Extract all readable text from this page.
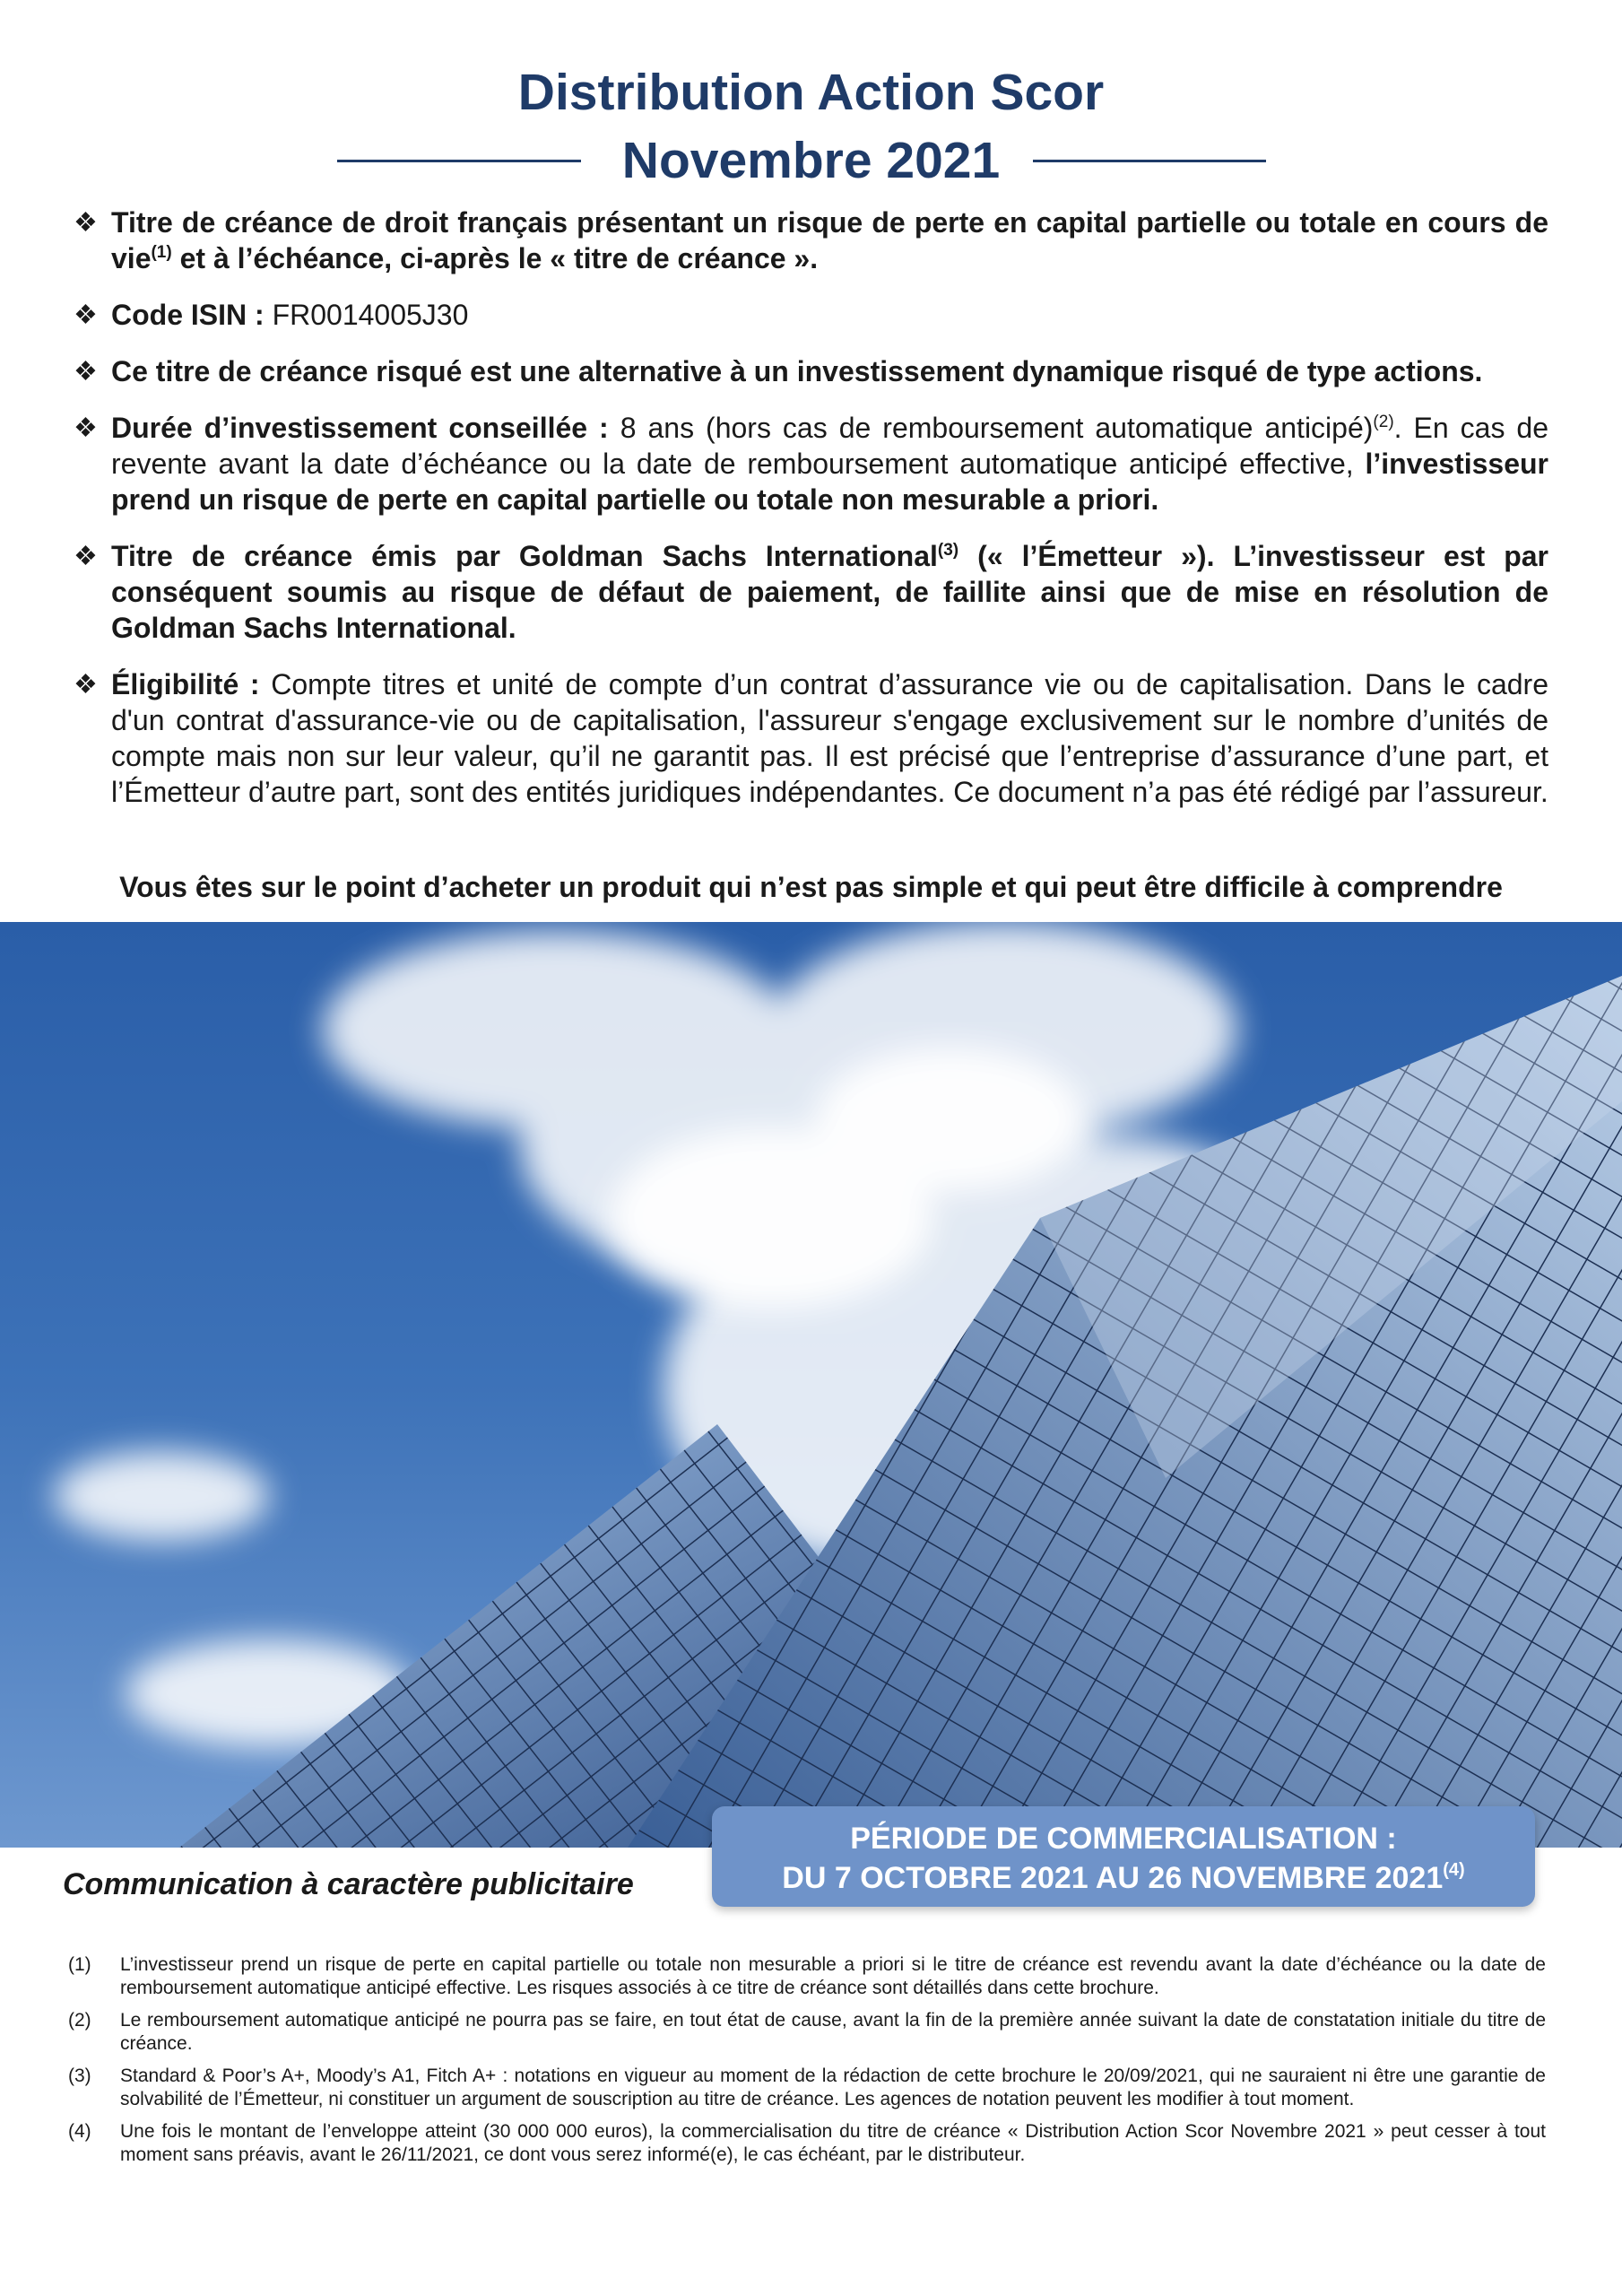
Distribution Action Scor
Novembre 2021
❖ Titre de créance de droit français présentant un risque de perte en capital partielle ou totale en cours de vie$^{(1)}$ et à l’échéance, ci-après le « titre de créance ».
❖ Code ISIN : FR0014005J30
❖ Ce titre de créance risqué est une alternative à un investissement dynamique risqué de type actions.
❖ Durée d’investissement conseillée : 8 ans (hors cas de remboursement automatique anticipé)$^{(2)}$. En cas de revente avant la date d’échéance ou la date de remboursement automatique anticipé effective, l’investisseur prend un risque de perte en capital partielle ou totale non mesurable a priori.
❖ Titre de créance émis par Goldman Sachs International$^{(3)}$ (« l’Émetteur »). L’investisseur est par conséquent soumis au risque de défaut de paiement, de faillite ainsi que de mise en résolution de Goldman Sachs International.
❖ Éligibilité : Compte titres et unité de compte d’un contrat d’assurance vie ou de capitalisation. Dans le cadre d'un contrat d'assurance-vie ou de capitalisation, l'assureur s'engage exclusivement sur le nombre d’unités de compte mais non sur leur valeur, qu’il ne garantit pas. Il est précisé que l’entreprise d’assurance d’une part, et l’Émetteur d’autre part, sont des entités juridiques indépendantes. Ce document n’a pas été rédigé par l’assureur.
Vous êtes sur le point d’acheter un produit qui n’est pas simple et qui peut être difficile à comprendre
Communication à caractère publicitaire
PÉRIODE DE COMMERCIALISATION :
DU 7 OCTOBRE 2021 AU 26 NOVEMBRE 2021$^{(4)}$
(1) L’investisseur prend un risque de perte en capital partielle ou totale non mesurable a priori si le titre de créance est revendu avant la date d’échéance ou la date de remboursement automatique anticipé effective. Les risques associés à ce titre de créance sont détaillés dans cette brochure.
(2) Le remboursement automatique anticipé ne pourra pas se faire, en tout état de cause, avant la fin de la première année suivant la date de constatation initiale du titre de créance.
(3) Standard & Poor’s A+, Moody’s A1, Fitch A+ : notations en vigueur au moment de la rédaction de cette brochure le 20/09/2021, qui ne sauraient ni être une garantie de solvabilité de l’Émetteur, ni constituer un argument de souscription au titre de créance. Les agences de notation peuvent les modifier à tout moment.
(4) Une fois le montant de l’enveloppe atteint (30 000 000 euros), la commercialisation du titre de créance « Distribution Action Scor Novembre 2021 » peut cesser à tout moment sans préavis, avant le 26/11/2021, ce dont vous serez informé(e), le cas échéant, par le distributeur.
